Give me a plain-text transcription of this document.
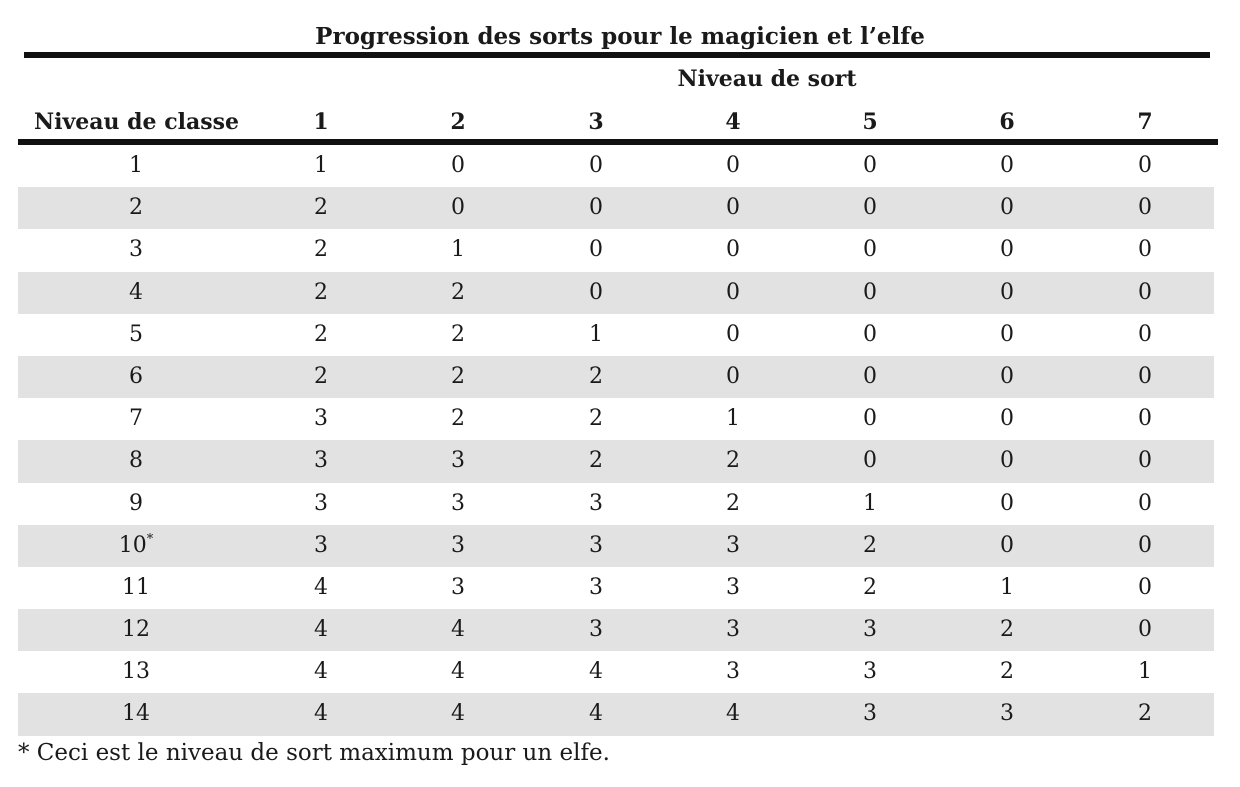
Progression des sorts pour le magicien et l’elfe
Niveau de sort
Niveau de classe	1	2	3	4	5	6	7
1	1	0	0	0	0	0	0
2	2	0	0	0	0	0	0
3	2	1	0	0	0	0	0
4	2	2	0	0	0	0	0
5	2	2	1	0	0	0	0
6	2	2	2	0	0	0	0
7	3	2	2	1	0	0	0
8	3	3	2	2	0	0	0
9	3	3	3	2	1	0	0
10*	3	3	3	3	2	0	0
11	4	3	3	3	2	1	0
12	4	4	3	3	3	2	0
13	4	4	4	3	3	2	1
14	4	4	4	4	3	3	2
* Ceci est le niveau de sort maximum pour un elfe.
